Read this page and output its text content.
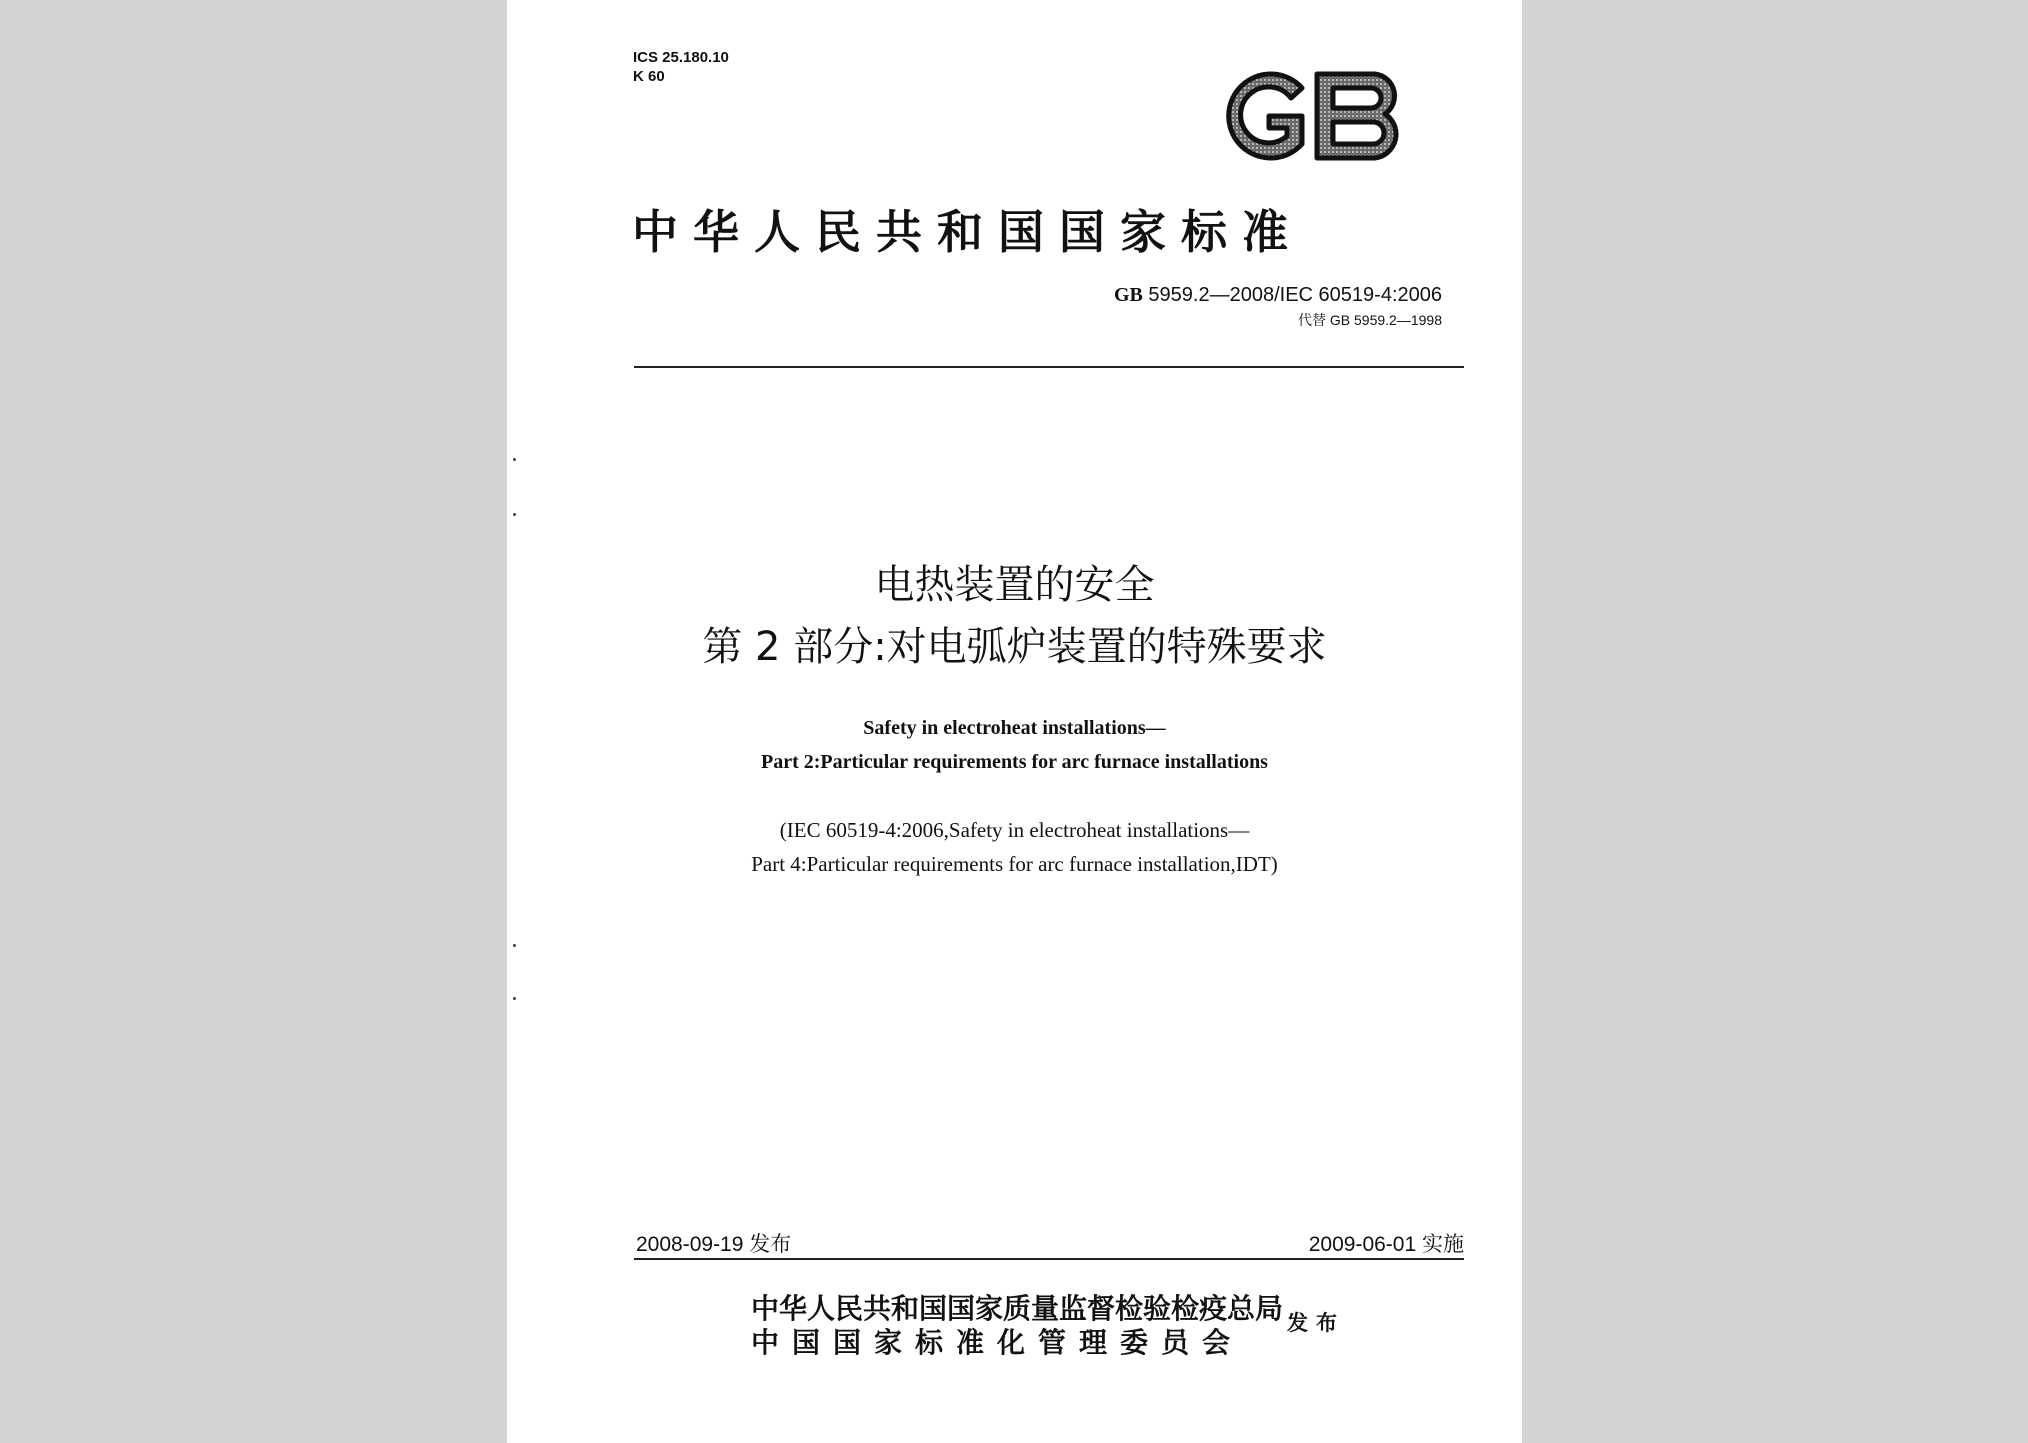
ICS 25.180.10
K 60
中华人民共和国国家标准
GB 5959.2—2008/IEC 60519-4:2006
代替 GB 5959.2—1998
电热装置的安全
第 2 部分:对电弧炉装置的特殊要求
Safety in electroheat installations—
Part 2:Particular requirements for arc furnace installations
(IEC 60519-4:2006,Safety in electroheat installations—
Part 4:Particular requirements for arc furnace installation,IDT)
2008-09-19 发布	2009-06-01 实施
中华人民共和国国家质量监督检验检疫总局
中国国家标准化管理委员会
发布
